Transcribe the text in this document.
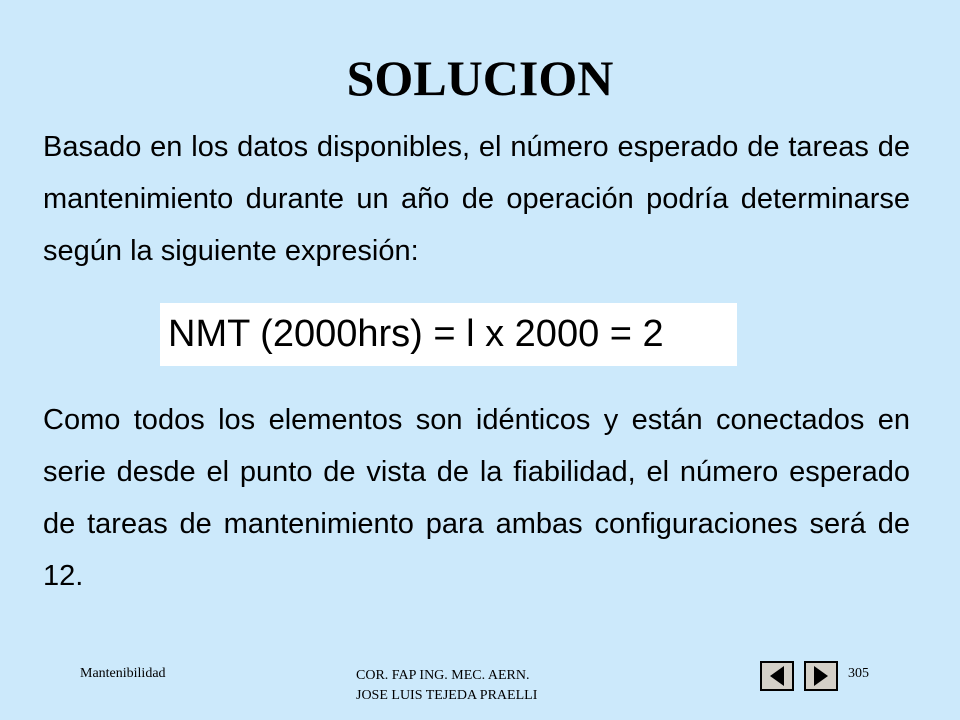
SOLUCION
Basado en los datos disponibles, el número esperado de tareas de mantenimiento durante un año de operación podría determinarse según la siguiente expresión:
NMT (2000hrs) = l x 2000 = 2
Como todos los elementos son idénticos y están conectados en serie desde el punto de vista de la fiabilidad, el número esperado de tareas de mantenimiento para ambas configuraciones será de 12.
Mantenibilidad	COR. FAP ING. MEC. AERN.
JOSE LUIS TEJEDA PRAELLI
305
